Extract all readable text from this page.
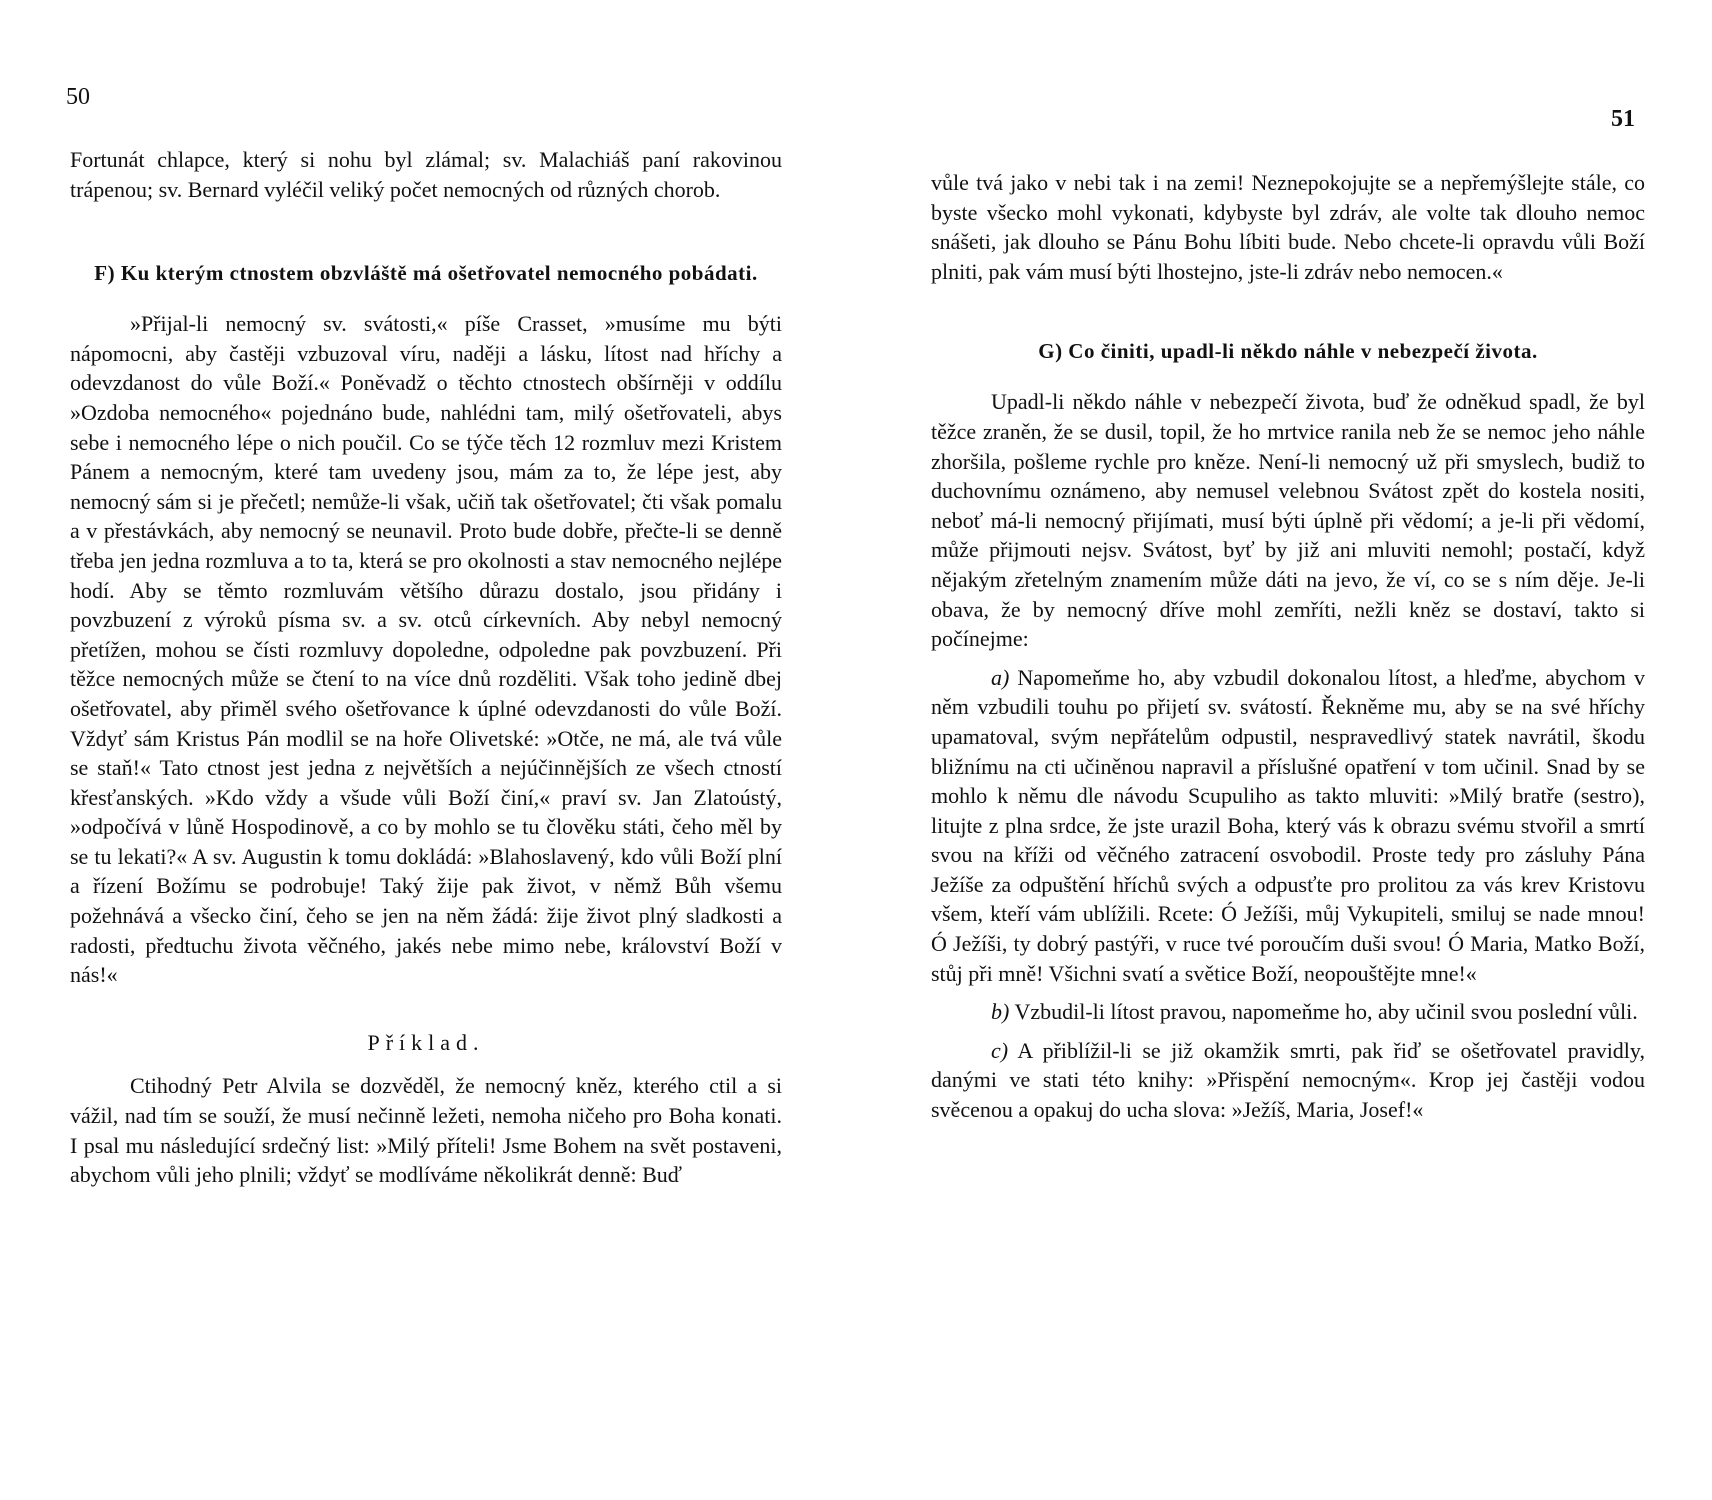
50

Fortunát chlapce, který si nohu byl zlámal; sv. Malachiáš paní rakovinou trápenou; sv. Bernard vyléčil veliký počet nemocných od různých chorob.

F) Ku kterým ctnostem obzvláště má ošetřovatel nemocného pobádati.

»Přijal-li nemocný sv. svátosti,« píše Crasset, »musíme mu býti nápomocni, aby častěji vzbuzoval víru, naději a lásku, lítost nad hříchy a odevzdanost do vůle Boží.« Poněvadž o těchto ctnostech obšírněji v oddílu »Ozdoba nemocného« pojednáno bude, nahlédni tam, milý ošetřovateli, abys sebe i nemocného lépe o nich poučil. Co se týče těch 12 rozmluv mezi Kristem Pánem a nemocným, které tam uvedeny jsou, mám za to, že lépe jest, aby nemocný sám si je přečetl; nemůže-li však, učiň tak ošetřovatel; čti však pomalu a v přestávkách, aby nemocný se neunavil. Proto bude dobře, přečte-li se denně třeba jen jedna rozmluva a to ta, která se pro okolnosti a stav nemocného nejlépe hodí. Aby se těmto rozmluvám většího důrazu dostalo, jsou přidány i povzbuzení z výroků písma sv. a sv. otců církevních. Aby nebyl nemocný přetížen, mohou se čísti rozmluvy dopoledne, odpoledne pak povzbuzení. Při těžce nemocných může se čtení to na více dnů rozděliti. Však toho jedině dbej ošetřovatel, aby přiměl svého ošetřovance k úplné odevzdanosti do vůle Boží. Vždyť sám Kristus Pán modlil se na hoře Olivetské: »Otče, ne má, ale tvá vůle se staň!« Tato ctnost jest jedna z největších a nejúčinnějších ze všech ctností křesťanských. »Kdo vždy a všude vůli Boží činí,« praví sv. Jan Zlatoústý, »odpočívá v lůně Hospodinově, a co by mohlo se tu člověku státi, čeho měl by se tu lekati?« A sv. Augustin k tomu dokládá: »Blahoslavený, kdo vůli Boží plní a řízení Božímu se podrobuje! Taký žije pak život, v němž Bůh všemu požehnává a všecko činí, čeho se jen na něm žádá: žije život plný sladkosti a radosti, předtuchu života věčného, jakés nebe mimo nebe, království Boží v nás!«

Příklad.

Ctihodný Petr Alvila se dozvěděl, že nemocný kněz, kterého ctil a si vážil, nad tím se souží, že musí nečinně ležeti, nemoha ničeho pro Boha konati. I psal mu následující srdečný list: »Milý příteli! Jsme Bohem na svět postaveni, abychom vůli jeho plnili; vždyť se modlíváme několikrát denně: Buď

51

vůle tvá jako v nebi tak i na zemi! Neznepokojujte se a nepřemýšlejte stále, co byste všecko mohl vykonati, kdybyste byl zdráv, ale volte tak dlouho nemoc snášeti, jak dlouho se Pánu Bohu líbiti bude. Nebo chcete-li opravdu vůli Boží plniti, pak vám musí býti lhostejno, jste-li zdráv nebo nemocen.«

G) Co činiti, upadl-li někdo náhle v nebezpečí života.

Upadl-li někdo náhle v nebezpečí života, buď že odněkud spadl, že byl těžce zraněn, že se dusil, topil, že ho mrtvice ranila neb že se nemoc jeho náhle zhoršila, pošleme rychle pro kněze. Není-li nemocný už při smyslech, budiž to duchovnímu oznámeno, aby nemusel velebnou Svátost zpět do kostela nositi, neboť má-li nemocný přijímati, musí býti úplně při vědomí; a je-li při vědomí, může přijmouti nejsv. Svátost, byť by již ani mluviti nemohl; postačí, když nějakým zřetelným znamením může dáti na jevo, že ví, co se s ním děje. Je-li obava, že by nemocný dříve mohl zemříti, nežli kněz se dostaví, takto si počínejme:

a) Napomeňme ho, aby vzbudil dokonalou lítost, a hleďme, abychom v něm vzbudili touhu po přijetí sv. svátostí. Řekněme mu, aby se na své hříchy upamatoval, svým nepřátelům odpustil, nespravedlivý statek navrátil, škodu bližnímu na cti učiněnou napravil a příslušné opatření v tom učinil. Snad by se mohlo k němu dle návodu Scupuliho as takto mluviti: »Milý bratře (sestro), litujte z plna srdce, že jste urazil Boha, který vás k obrazu svému stvořil a smrtí svou na kříži od věčného zatracení osvobodil. Proste tedy pro zásluhy Pána Ježíše za odpuštění hříchů svých a odpusťte pro prolitou za vás krev Kristovu všem, kteří vám ublížili. Rcete: Ó Ježíši, můj Vykupiteli, smiluj se nade mnou! Ó Ježíši, ty dobrý pastýři, v ruce tvé poroučím duši svou! Ó Maria, Matko Boží, stůj při mně! Všichni svatí a světice Boží, neopouštějte mne!«

b) Vzbudil-li lítost pravou, napomeňme ho, aby učinil svou poslední vůli.

c) A přiblížil-li se již okamžik smrti, pak řiď se ošetřovatel pravidly, danými ve stati této knihy: »Přispění nemocným«. Krop jej častěji vodou svěcenou a opakuj do ucha slova: »Ježíš, Maria, Josef!«
